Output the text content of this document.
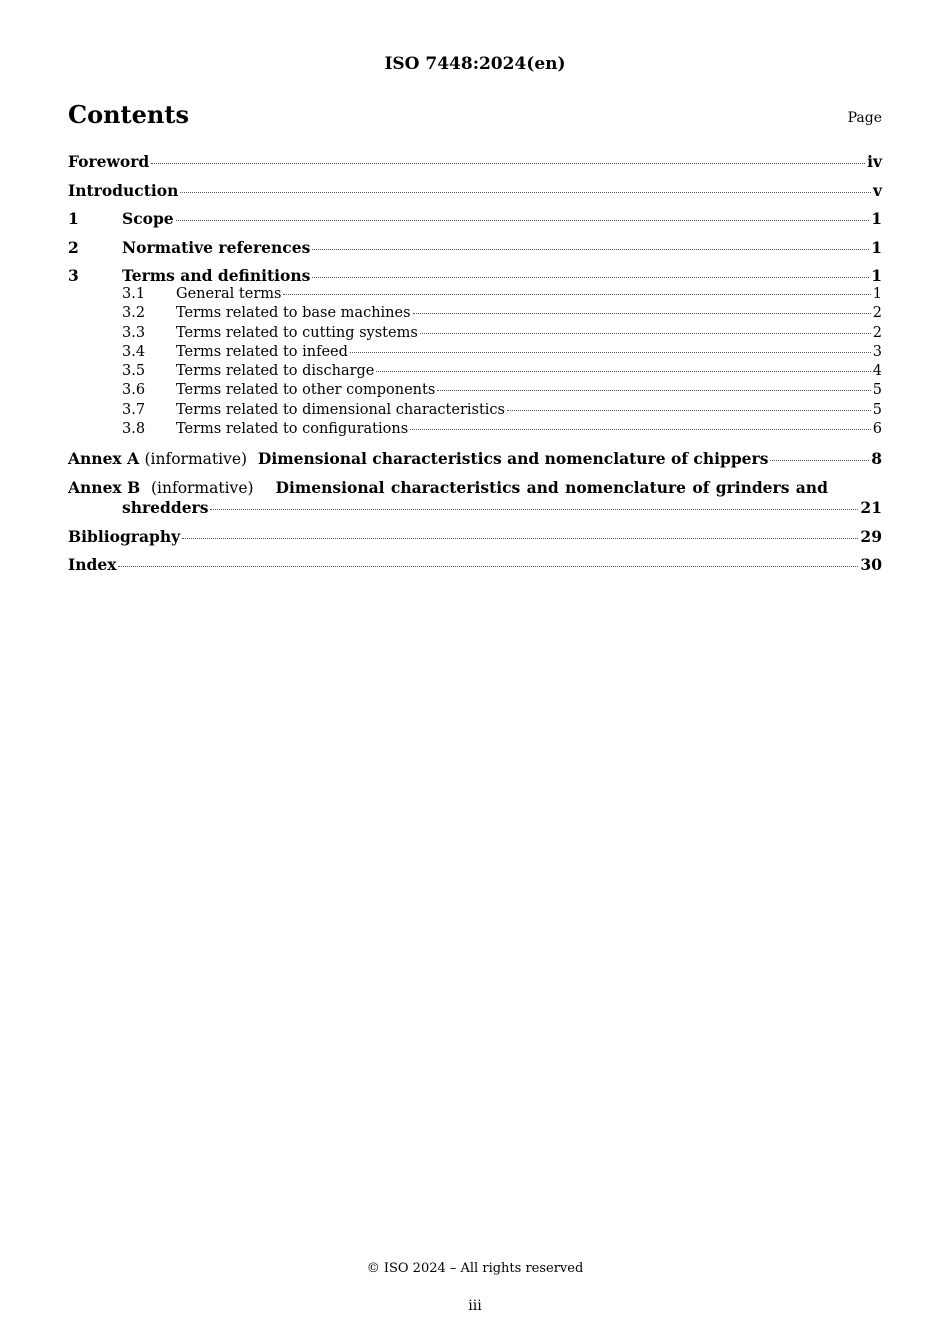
ISO 7448:2024(en)
Contents	Page
Foreword	iv
Introduction	v
1	Scope	1
2	Normative references	1
3	Terms and definitions	1
3.1	General terms	1
3.2	Terms related to base machines	2
3.3	Terms related to cutting systems	2
3.4	Terms related to infeed	3
3.5	Terms related to discharge	4
3.6	Terms related to other components	5
3.7	Terms related to dimensional characteristics	5
3.8	Terms related to configurations	6
Annex A (informative) Dimensional characteristics and nomenclature of chippers	8
Annex B (informative) Dimensional characteristics and nomenclature of grinders and
shredders	21
Bibliography	29
Index	30
© ISO 2024 – All rights reserved
iii
